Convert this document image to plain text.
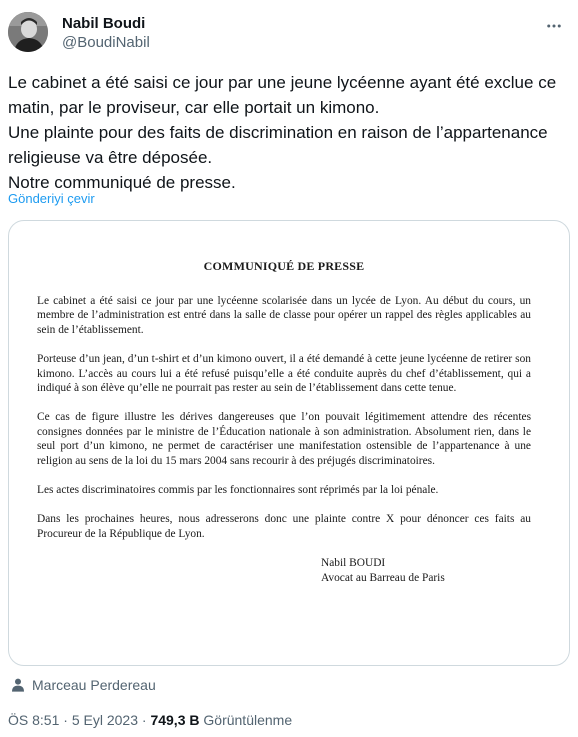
Nabil Boudi
@BoudiNabil
Le cabinet a été saisi ce jour par une jeune lycéenne ayant été exclue ce matin, par le proviseur, car elle portait un kimono.
Une plainte pour des faits de discrimination en raison de l’appartenance religieuse va être déposée.
Notre communiqué de presse.
Gönderiyi çevir
COMMUNIQUÉ DE PRESSE

Le cabinet a été saisi ce jour par une lycéenne scolarisée dans un lycée de Lyon. Au début du cours, un membre de l’administration est entré dans la salle de classe pour opérer un rappel des règles applicables au sein de l’établissement.

Porteuse d’un jean, d’un t-shirt et d’un kimono ouvert, il a été demandé à cette jeune lycéenne de retirer son kimono. L’accès au cours lui a été refusé puisqu’elle a été conduite auprès du chef d’établissement, qui a indiqué à son élève qu’elle ne pourrait pas rester au sein de l’établissement dans cette tenue.

Ce cas de figure illustre les dérives dangereuses que l’on pouvait légitimement attendre des récentes consignes données par le ministre de l’Éducation nationale à son administration. Absolument rien, dans le seul port d’un kimono, ne permet de caractériser une manifestation ostensible de l’appartenance à une religion au sens de la loi du 15 mars 2004 sans recourir à des préjugés discriminatoires.

Les actes discriminatoires commis par les fonctionnaires sont réprimés par la loi pénale.

Dans les prochaines heures, nous adresserons donc une plainte contre X pour dénoncer ces faits au Procureur de la République de Lyon.

Nabil BOUDI
Avocat au Barreau de Paris
Marceau Perdereau
ÖS 8:51 · 5 Eyl 2023 · 749,3 B Görüntülenme
